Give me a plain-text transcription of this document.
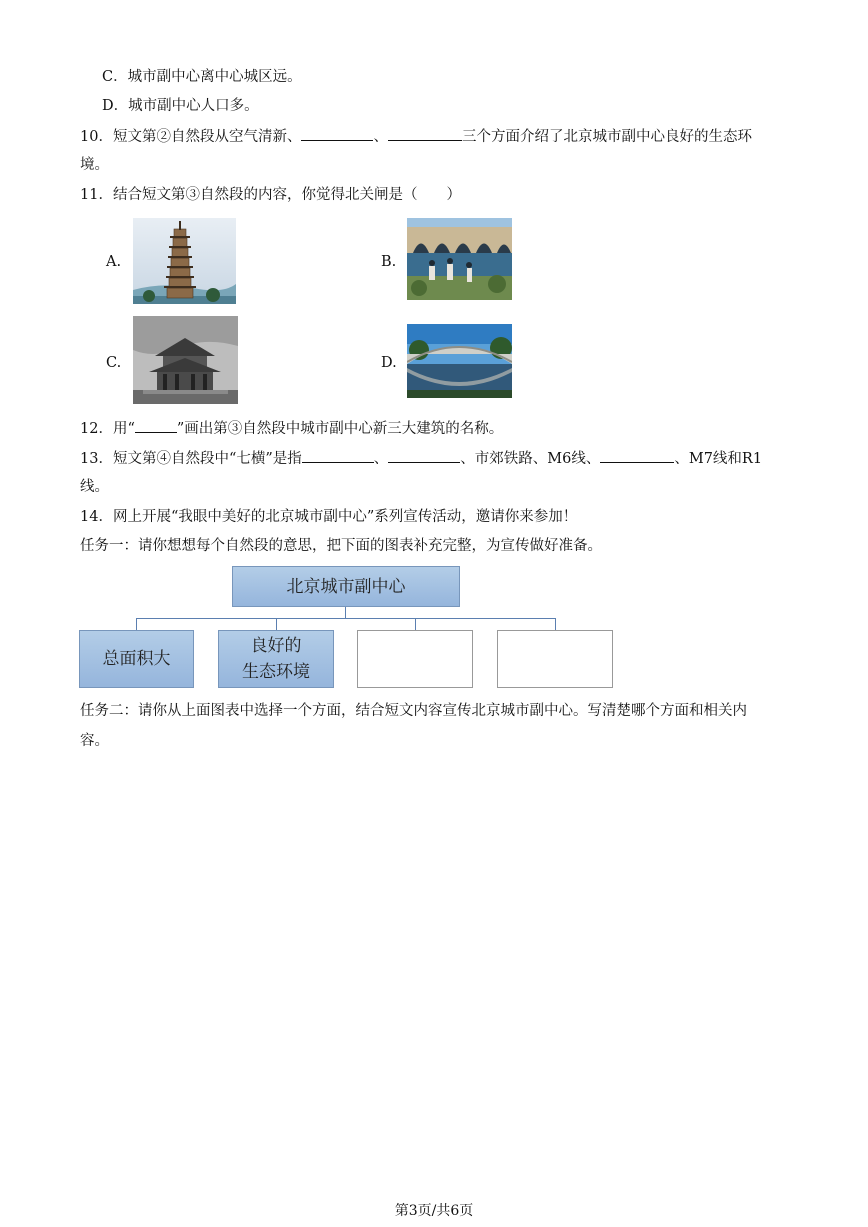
C．城市副中心离中心城区远。
D．城市副中心人口多。
10．短文第②自然段从空气清新、	、	三个方面介绍了北京城市副中心良好的生态环
境。
11．结合短文第③自然段的内容，你觉得北关闸是（　　）
A.	B.
C.	D.
12．用“	”画出第③自然段中城市副中心新三大建筑的名称。
13．短文第④自然段中“七横”是指	、	、市郊铁路、M6线、	、M7线和R1
线。
14．网上开展“我眼中美好的北京城市副中心”系列宣传活动，邀请你来参加！
任务一：请你想想每个自然段的意思，把下面的图表补充完整，为宣传做好准备。
北京城市副中心
总面积大
良好的
生态环境
任务二：请你从上面图表中选择一个方面，结合短文内容宣传北京城市副中心。写清楚哪个方面和相关内
容。
第3页/共6页
